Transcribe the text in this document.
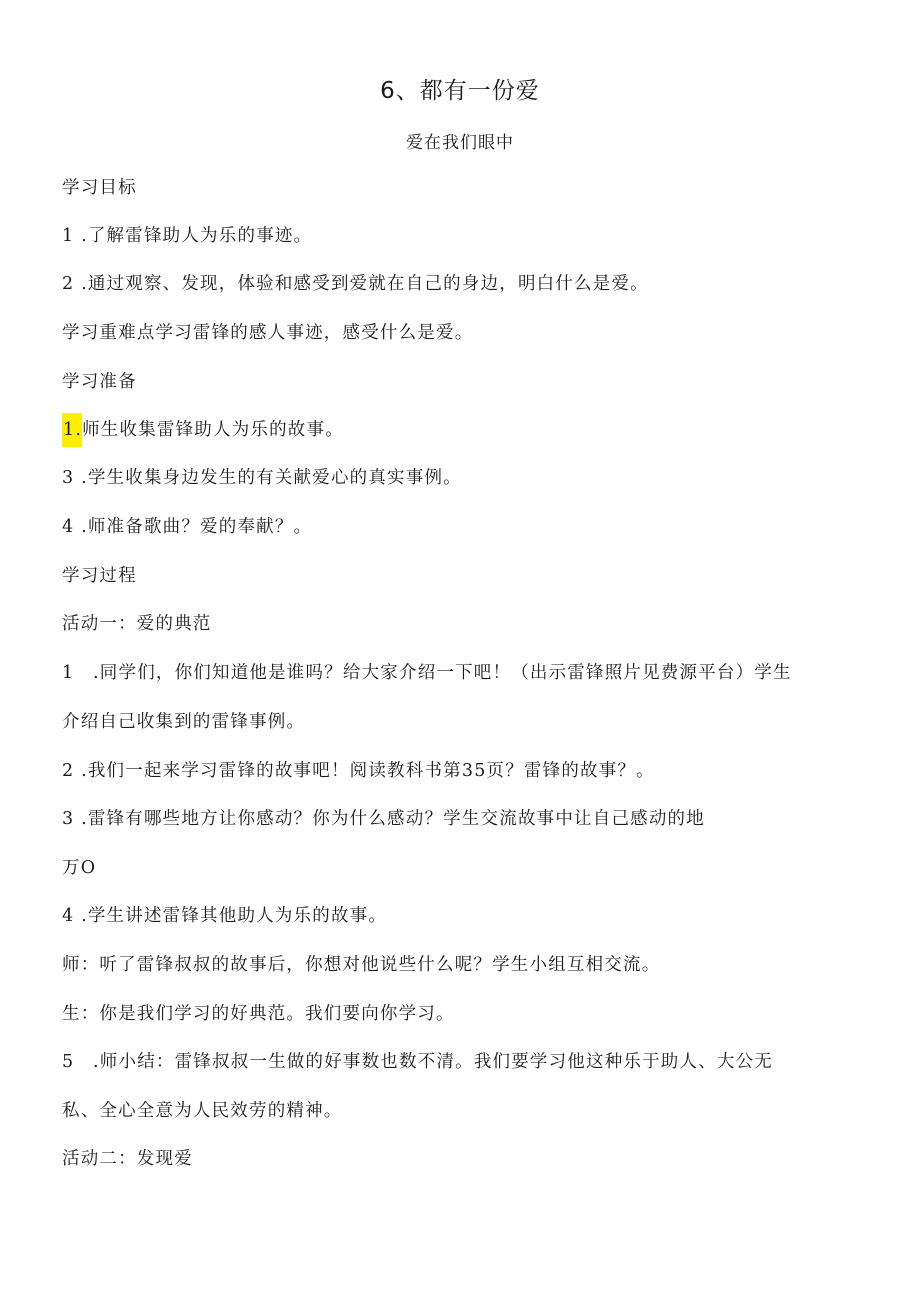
6、都有一份爱
爱在我们眼中
学习目标
1 .了解雷锋助人为乐的事迹。
2 .通过观察、发现，体验和感受到爱就在自己的身边，明白什么是爱。
学习重难点学习雷锋的感人事迹，感受什么是爱。
学习准备
1.师生收集雷锋助人为乐的故事。
3 .学生收集身边发生的有关献爱心的真实事例。
4 .师准备歌曲？爱的奉献？。
学习过程
活动一：爱的典范
1　.同学们，你们知道他是谁吗？给大家介绍一下吧！（出示雷锋照片见费源平台）学生
介绍自己收集到的雷锋事例。
2 .我们一起来学习雷锋的故事吧！阅读教科书第35页？雷锋的故事？。
3 .雷锋有哪些地方让你感动？你为什么感动？学生交流故事中让自己感动的地
万O
4 .学生讲述雷锋其他助人为乐的故事。
师：听了雷锋叔叔的故事后，你想对他说些什么呢？学生小组互相交流。
生：你是我们学习的好典范。我们要向你学习。
5　.师小结：雷锋叔叔一生做的好事数也数不清。我们要学习他这种乐于助人、大公无
私、全心全意为人民效劳的精神。
活动二：发现爱
